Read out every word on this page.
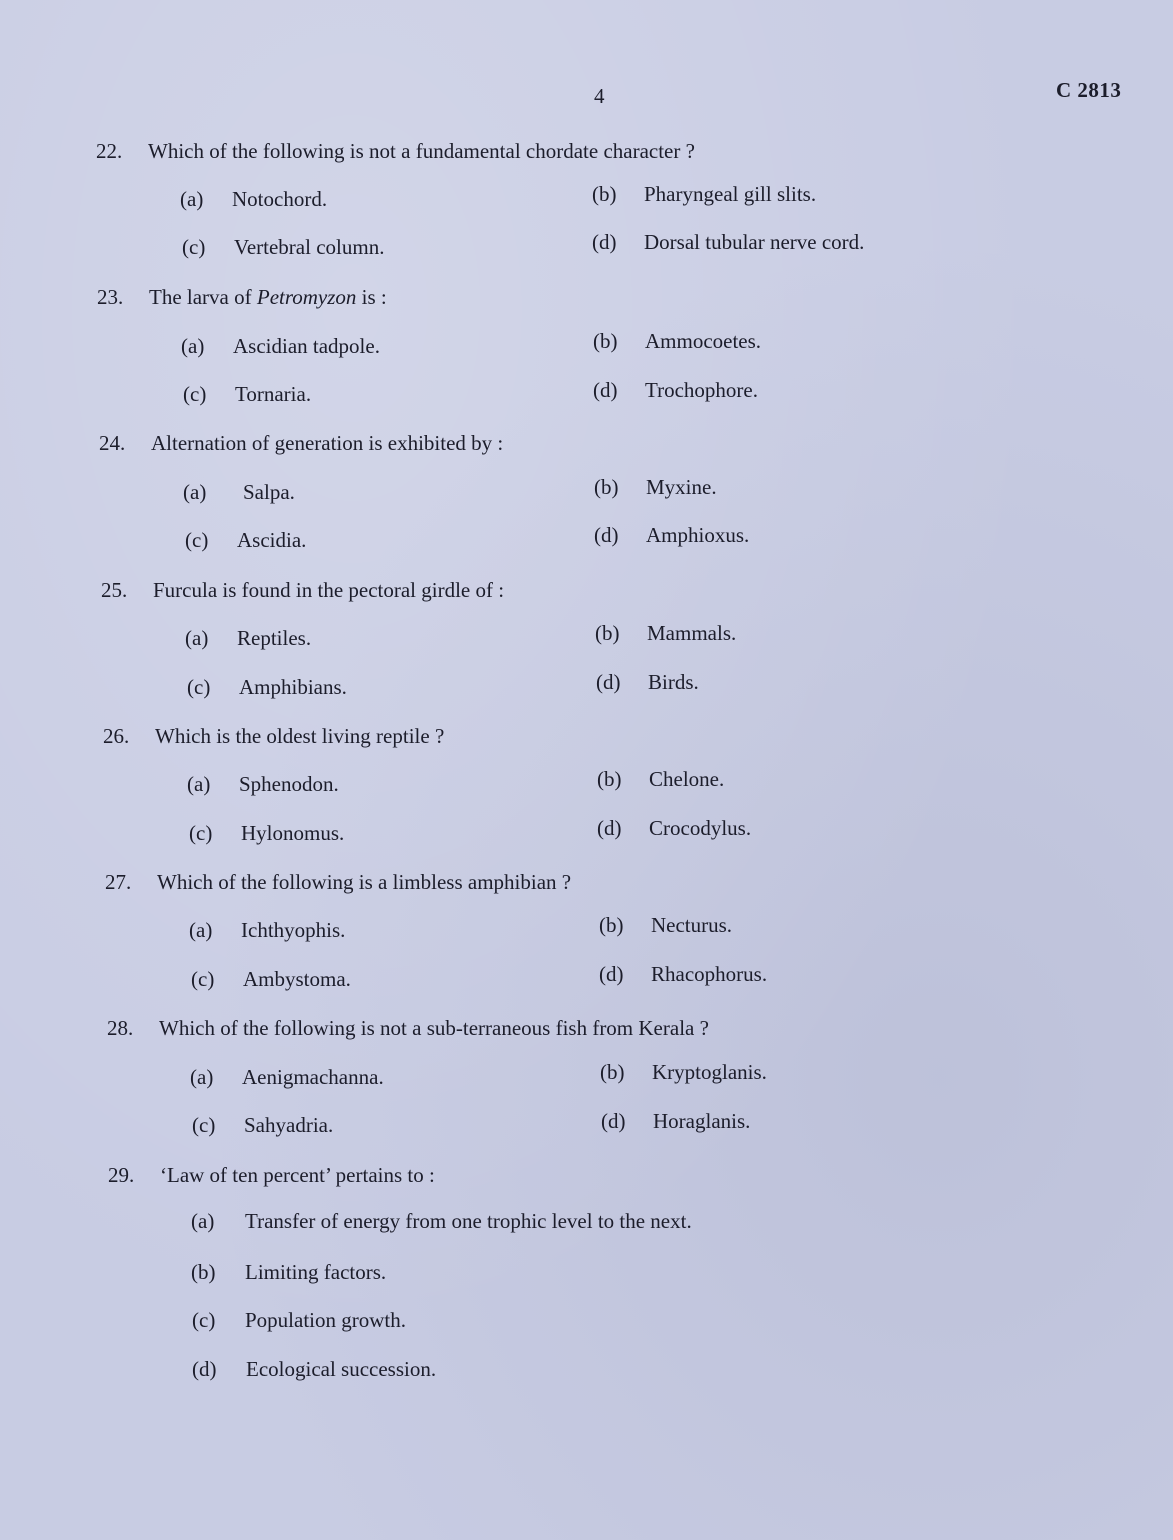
4	C 2813
22. Which of the following is not a fundamental chordate character ?
(a) Notochord.	(b) Pharyngeal gill slits.
(c) Vertebral column.	(d) Dorsal tubular nerve cord.
23. The larva of Petromyzon is :
(a) Ascidian tadpole.	(b) Ammocoetes.
(c) Tornaria.	(d) Trochophore.
24. Alternation of generation is exhibited by :
(a) Salpa.	(b) Myxine.
(c) Ascidia.	(d) Amphioxus.
25. Furcula is found in the pectoral girdle of :
(a) Reptiles.	(b) Mammals.
(c) Amphibians.	(d) Birds.
26. Which is the oldest living reptile ?
(a) Sphenodon.	(b) Chelone.
(c) Hylonomus.	(d) Crocodylus.
27. Which of the following is a limbless amphibian ?
(a) Ichthyophis.	(b) Necturus.
(c) Ambystoma.	(d) Rhacophorus.
28. Which of the following is not a sub-terraneous fish from Kerala ?
(a) Aenigmachanna.	(b) Kryptoglanis.
(c) Sahyadria.	(d) Horaglanis.
29. ‘Law of ten percent’ pertains to :
(a) Transfer of energy from one trophic level to the next.
(b) Limiting factors.
(c) Population growth.
(d) Ecological succession.
